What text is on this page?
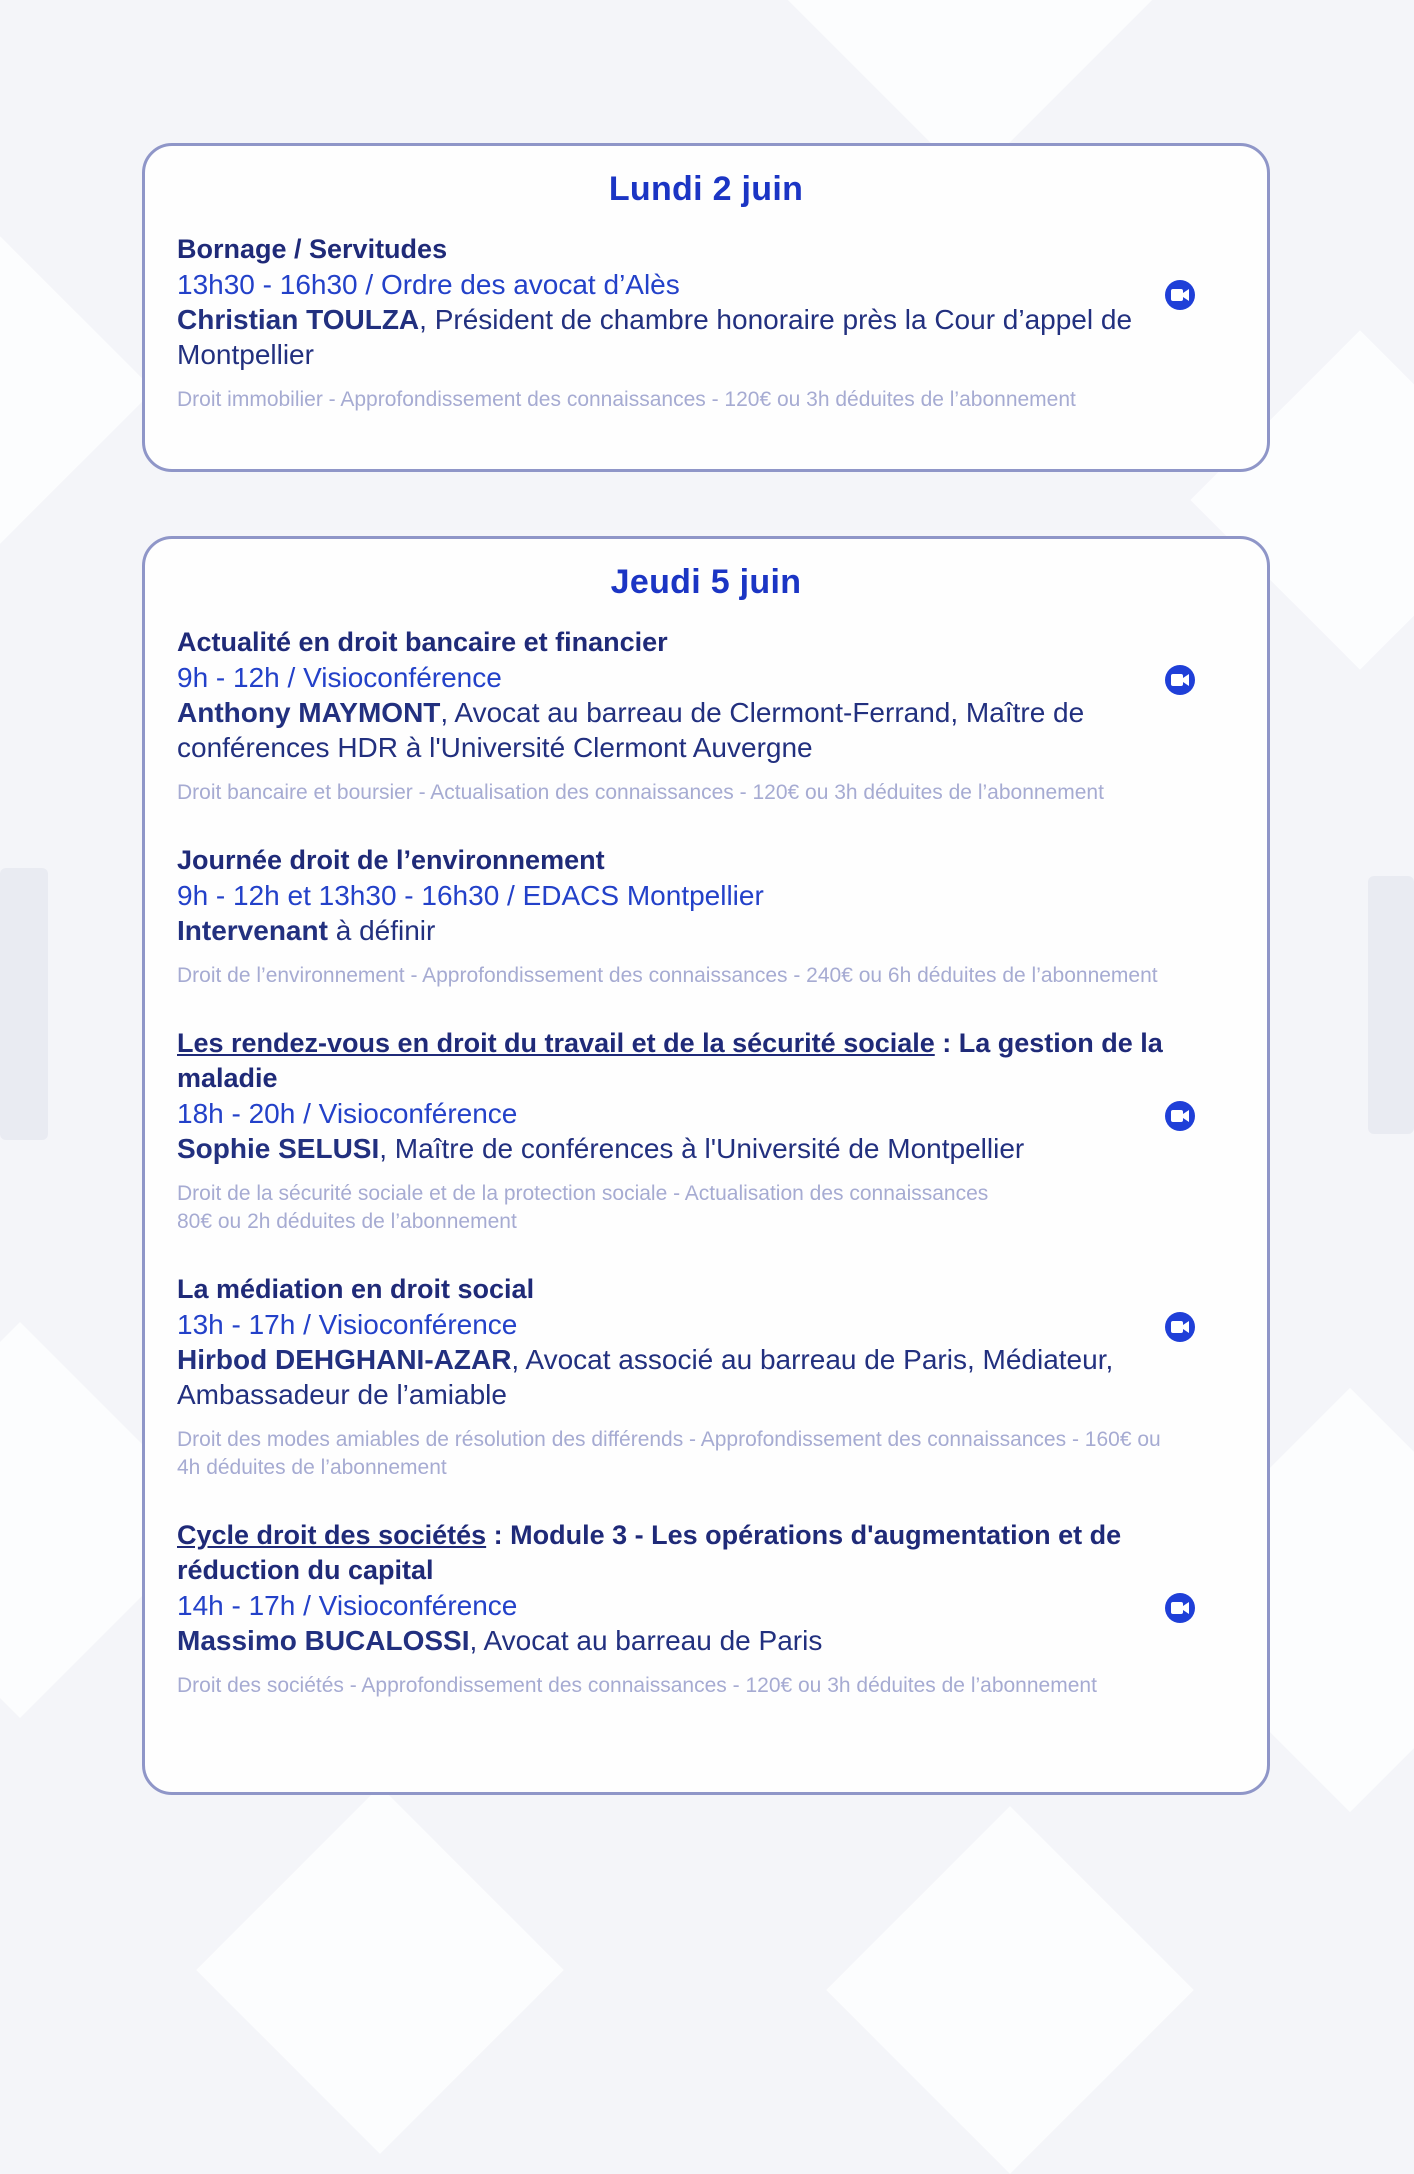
Lundi 2 juin
Bornage / Servitudes
13h30 - 16h30 / Ordre des avocat d’Alès
Christian TOULZA, Président de chambre honoraire près la Cour d’appel de Montpellier
Droit immobilier - Approfondissement des connaissances - 120€ ou 3h déduites de l’abonnement
Jeudi 5 juin
Actualité en droit bancaire et financier
9h - 12h / Visioconférence
Anthony MAYMONT, Avocat au barreau de Clermont-Ferrand, Maître de conférences HDR à l'Université Clermont Auvergne
Droit bancaire et boursier - Actualisation des connaissances - 120€ ou 3h déduites de l’abonnement
Journée droit de l’environnement
9h - 12h et 13h30 - 16h30 / EDACS Montpellier
Intervenant à définir
Droit de l’environnement - Approfondissement des connaissances - 240€ ou 6h déduites de l’abonnement
Les rendez-vous en droit du travail et de la sécurité sociale : La gestion de la maladie
18h - 20h / Visioconférence
Sophie SELUSI, Maître de conférences à l'Université de Montpellier
Droit de la sécurité sociale et de la protection sociale - Actualisation des connaissances
80€ ou 2h déduites de l’abonnement
La médiation en droit social
13h - 17h / Visioconférence
Hirbod DEHGHANI-AZAR, Avocat associé au barreau de Paris, Médiateur, Ambassadeur de l’amiable
Droit des modes amiables de résolution des différends - Approfondissement des connaissances - 160€ ou 4h déduites de l’abonnement
Cycle droit des sociétés : Module 3 - Les opérations d'augmentation et de réduction du capital
14h - 17h / Visioconférence
Massimo BUCALOSSI, Avocat au barreau de Paris
Droit des sociétés - Approfondissement des connaissances - 120€ ou 3h déduites de l’abonnement
